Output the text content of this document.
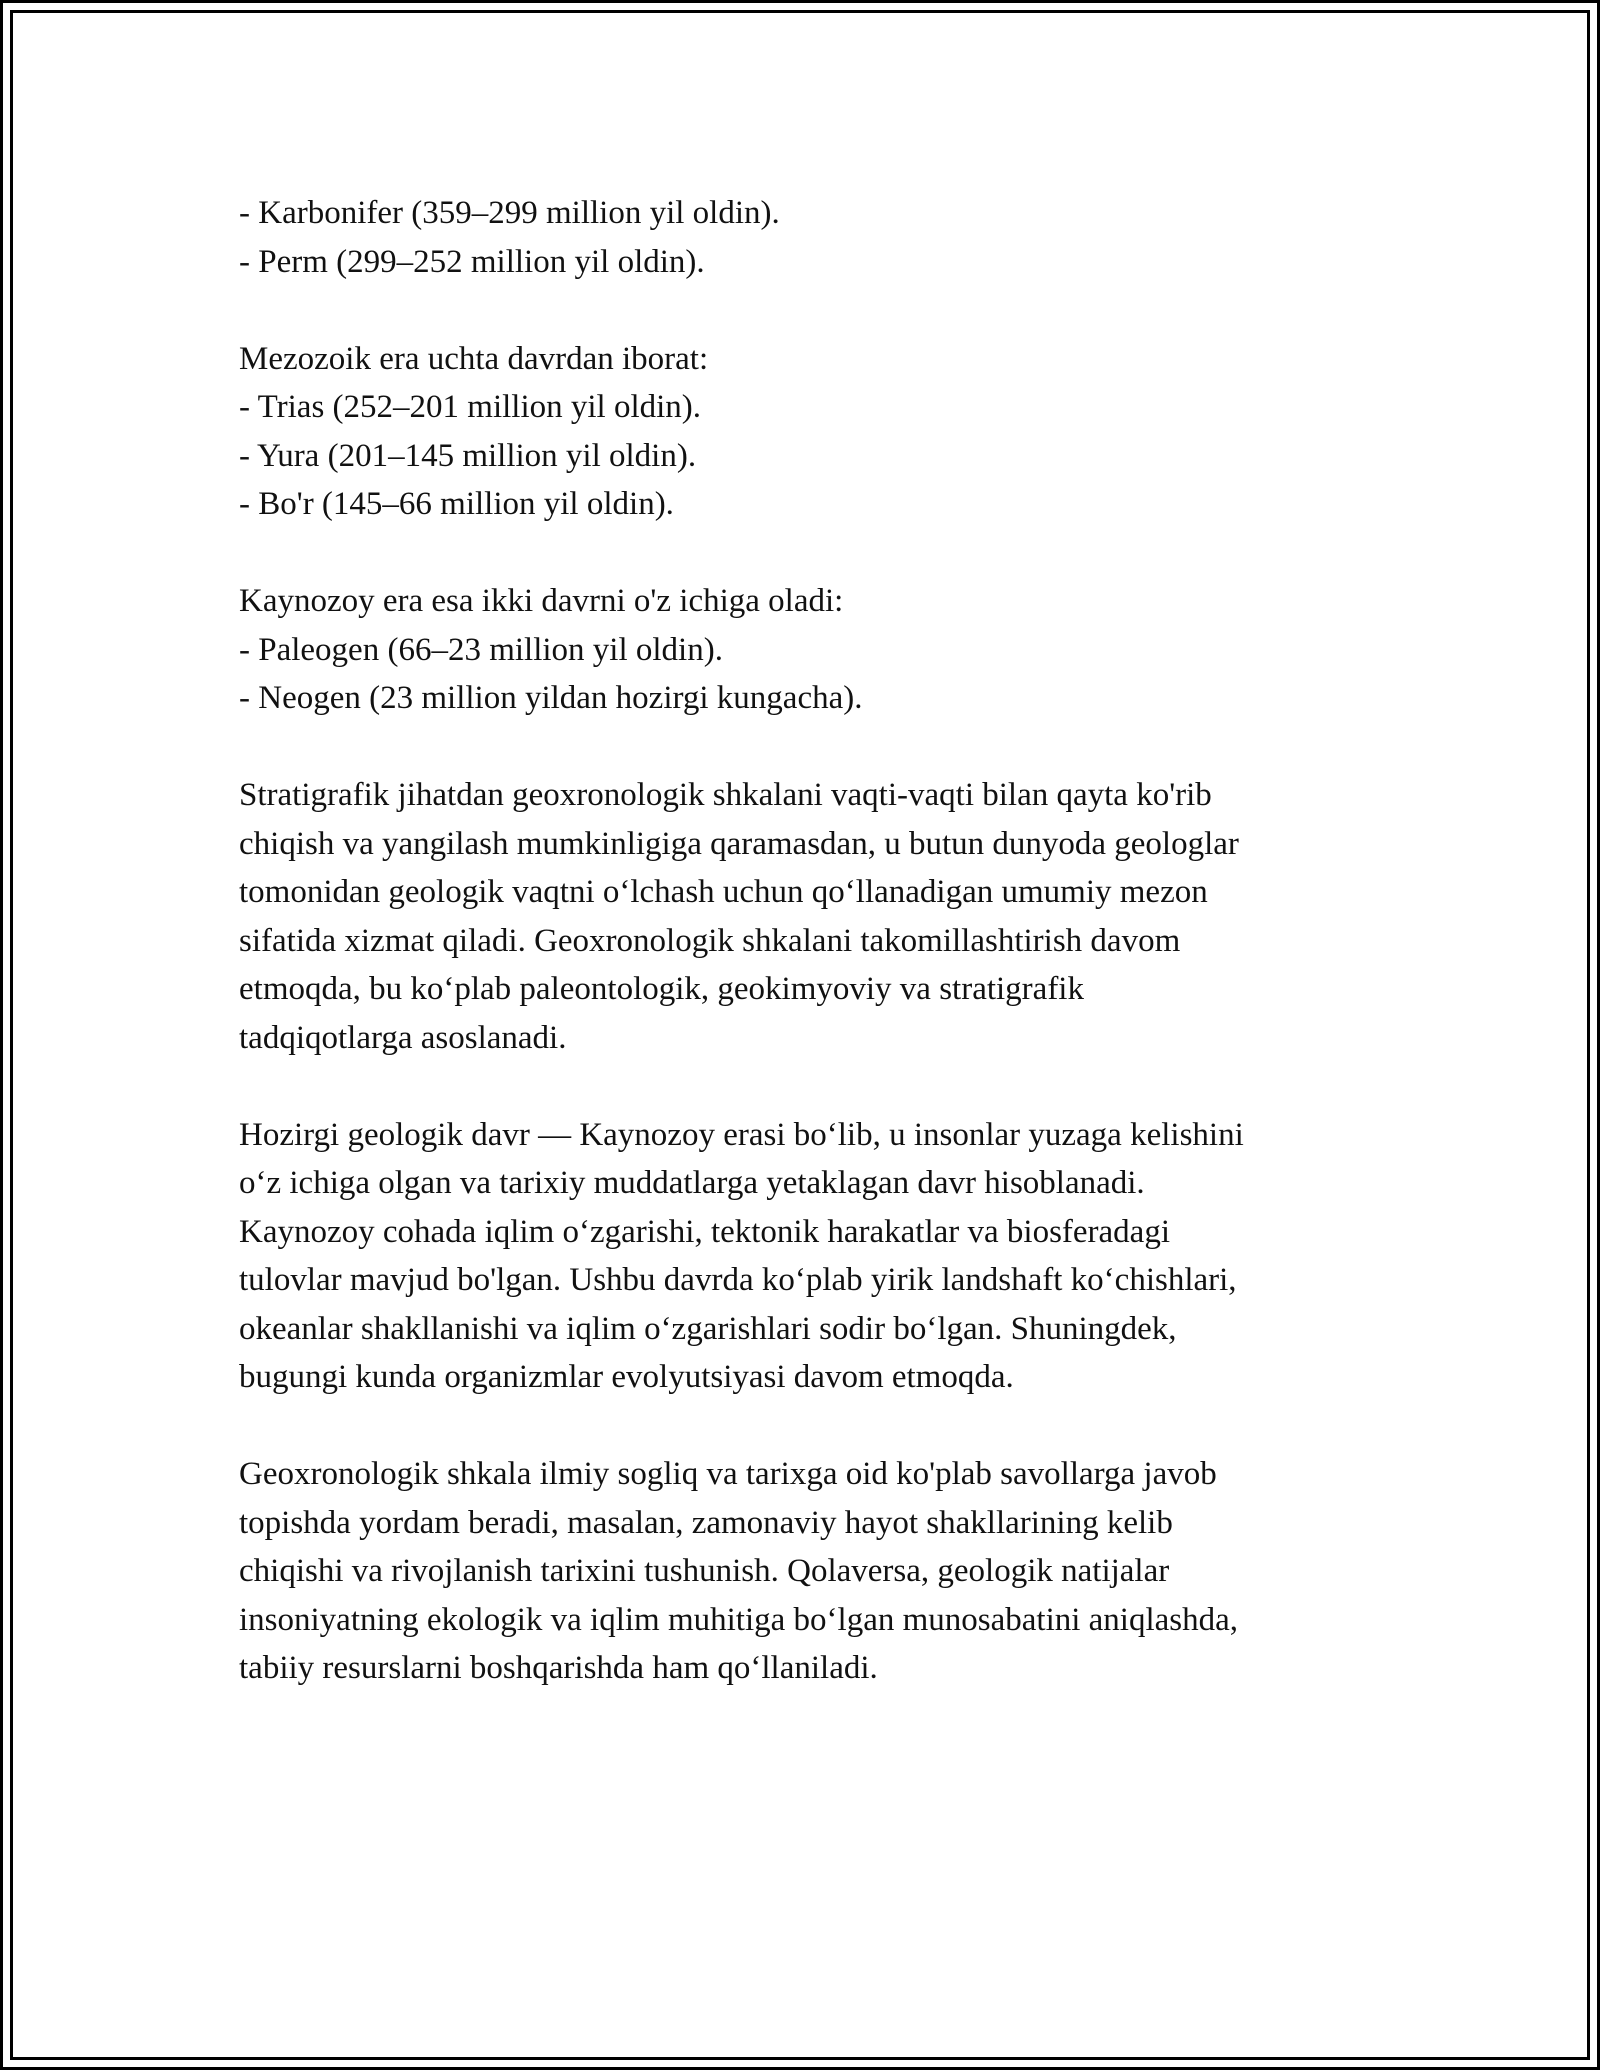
- Karbonifer (359–299 million yil oldin).
- Perm (299–252 million yil oldin).
Mezozoik era uchta davrdan iborat:
- Trias (252–201 million yil oldin).
- Yura (201–145 million yil oldin).
- Bo'r (145–66 million yil oldin).
Kaynozoy era esa ikki davrni o'z ichiga oladi:
- Paleogen (66–23 million yil oldin).
- Neogen (23 million yildan hozirgi kungacha).
Stratigrafik jihatdan geoxronologik shkalani vaqti-vaqti bilan qayta ko'rib
chiqish va yangilash mumkinligiga qaramasdan, u butun dunyoda geologlar
tomonidan geologik vaqtni o‘lchash uchun qo‘llanadigan umumiy mezon
sifatida xizmat qiladi. Geoxronologik shkalani takomillashtirish davom
etmoqda, bu ko‘plab paleontologik, geokimyoviy va stratigrafik
tadqiqotlarga asoslanadi.
Hozirgi geologik davr — Kaynozoy erasi bo‘lib, u insonlar yuzaga kelishini
o‘z ichiga olgan va tarixiy muddatlarga yetaklagan davr hisoblanadi.
Kaynozoy cohada iqlim o‘zgarishi, tektonik harakatlar va biosferadagi
tulovlar mavjud bo'lgan. Ushbu davrda ko‘plab yirik landshaft ko‘chishlari,
okeanlar shakllanishi va iqlim o‘zgarishlari sodir bo‘lgan. Shuningdek,
bugungi kunda organizmlar evolyutsiyasi davom etmoqda.
Geoxronologik shkala ilmiy sogliq va tarixga oid ko'plab savollarga javob
topishda yordam beradi, masalan, zamonaviy hayot shakllarining kelib
chiqishi va rivojlanish tarixini tushunish. Qolaversa, geologik natijalar
insoniyatning ekologik va iqlim muhitiga bo‘lgan munosabatini aniqlashda,
tabiiy resurslarni boshqarishda ham qo‘llaniladi.
